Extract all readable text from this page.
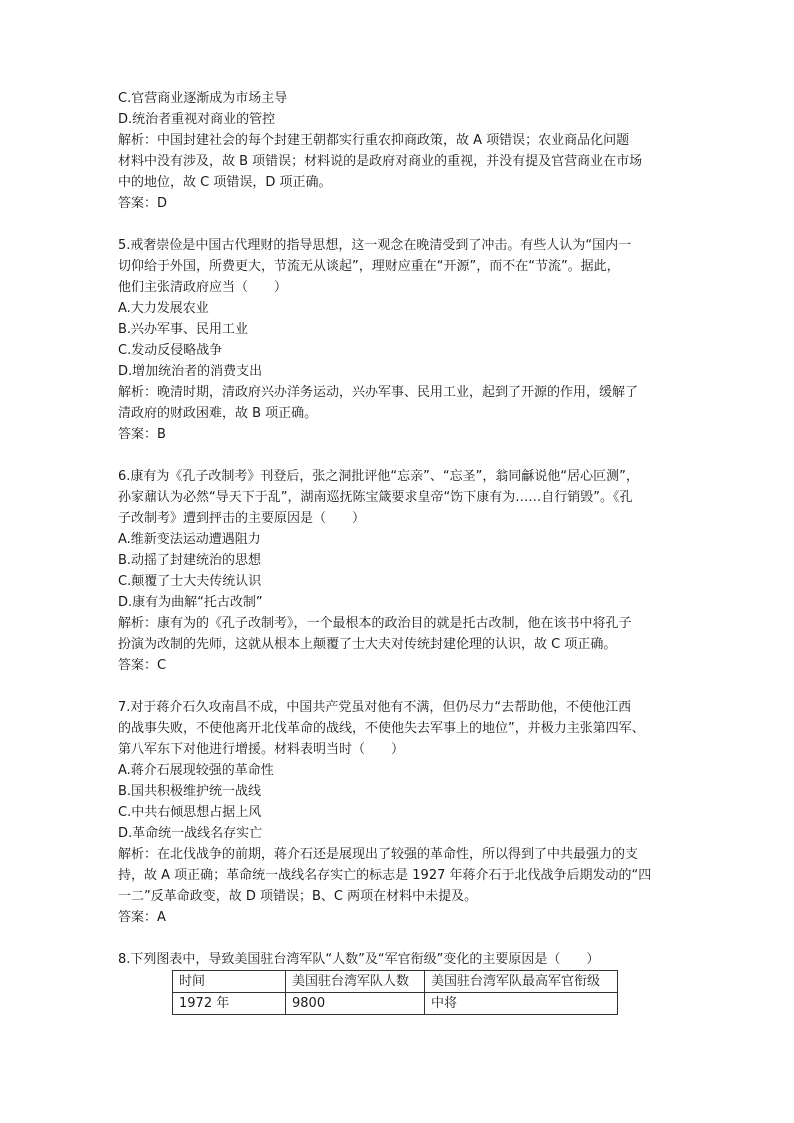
C.官营商业逐渐成为市场主导
D.统治者重视对商业的管控
解析：中国封建社会的每个封建王朝都实行重农抑商政策，故 A 项错误；农业商品化问题
材料中没有涉及，故 B 项错误；材料说的是政府对商业的重视，并没有提及官营商业在市场
中的地位，故 C 项错误，D 项正确。
答案：D
5.戒奢崇俭是中国古代理财的指导思想，这一观念在晚清受到了冲击。有些人认为“国内一
切仰给于外国，所费更大，节流无从谈起”，理财应重在“开源”，而不在“节流”。据此，
他们主张清政府应当（　　）
A.大力发展农业
B.兴办军事、民用工业
C.发动反侵略战争
D.增加统治者的消费支出
解析：晚清时期，清政府兴办洋务运动，兴办军事、民用工业，起到了开源的作用，缓解了
清政府的财政困难，故 B 项正确。
答案：B
6.康有为《孔子改制考》刊登后，张之洞批评他“忘亲”、“忘圣”，翁同龢说他“居心叵测”，
孙家鼐认为必然“导天下于乱”，湖南巡抚陈宝箴要求皇帝“饬下康有为……自行销毁”。《孔
子改制考》遭到抨击的主要原因是（　　）
A.维新变法运动遭遇阻力
B.动摇了封建统治的思想
C.颠覆了士大夫传统认识
D.康有为曲解“托古改制”
解析：康有为的《孔子改制考》，一个最根本的政治目的就是托古改制，他在该书中将孔子
扮演为改制的先师，这就从根本上颠覆了士大夫对传统封建伦理的认识，故 C 项正确。
答案：C
7.对于蒋介石久攻南昌不成，中国共产党虽对他有不满，但仍尽力“去帮助他，不使他江西
的战事失败，不使他离开北伐革命的战线，不使他失去军事上的地位”，并极力主张第四军、
第八军东下对他进行增援。材料表明当时（　　）
A.蒋介石展现较强的革命性
B.国共积极维护统一战线
C.中共右倾思想占据上风
D.革命统一战线名存实亡
解析：在北伐战争的前期，蒋介石还是展现出了较强的革命性，所以得到了中共最强力的支
持，故 A 项正确；革命统一战线名存实亡的标志是 1927 年蒋介石于北伐战争后期发动的“四
一二”反革命政变，故 D 项错误；B、C 两项在材料中未提及。
答案：A
8.下列图表中，导致美国驻台湾军队“人数”及“军官衔级”变化的主要原因是（　　）
时间	美国驻台湾军队人数	美国驻台湾军队最高军官衔级
1972 年	9800	中将
